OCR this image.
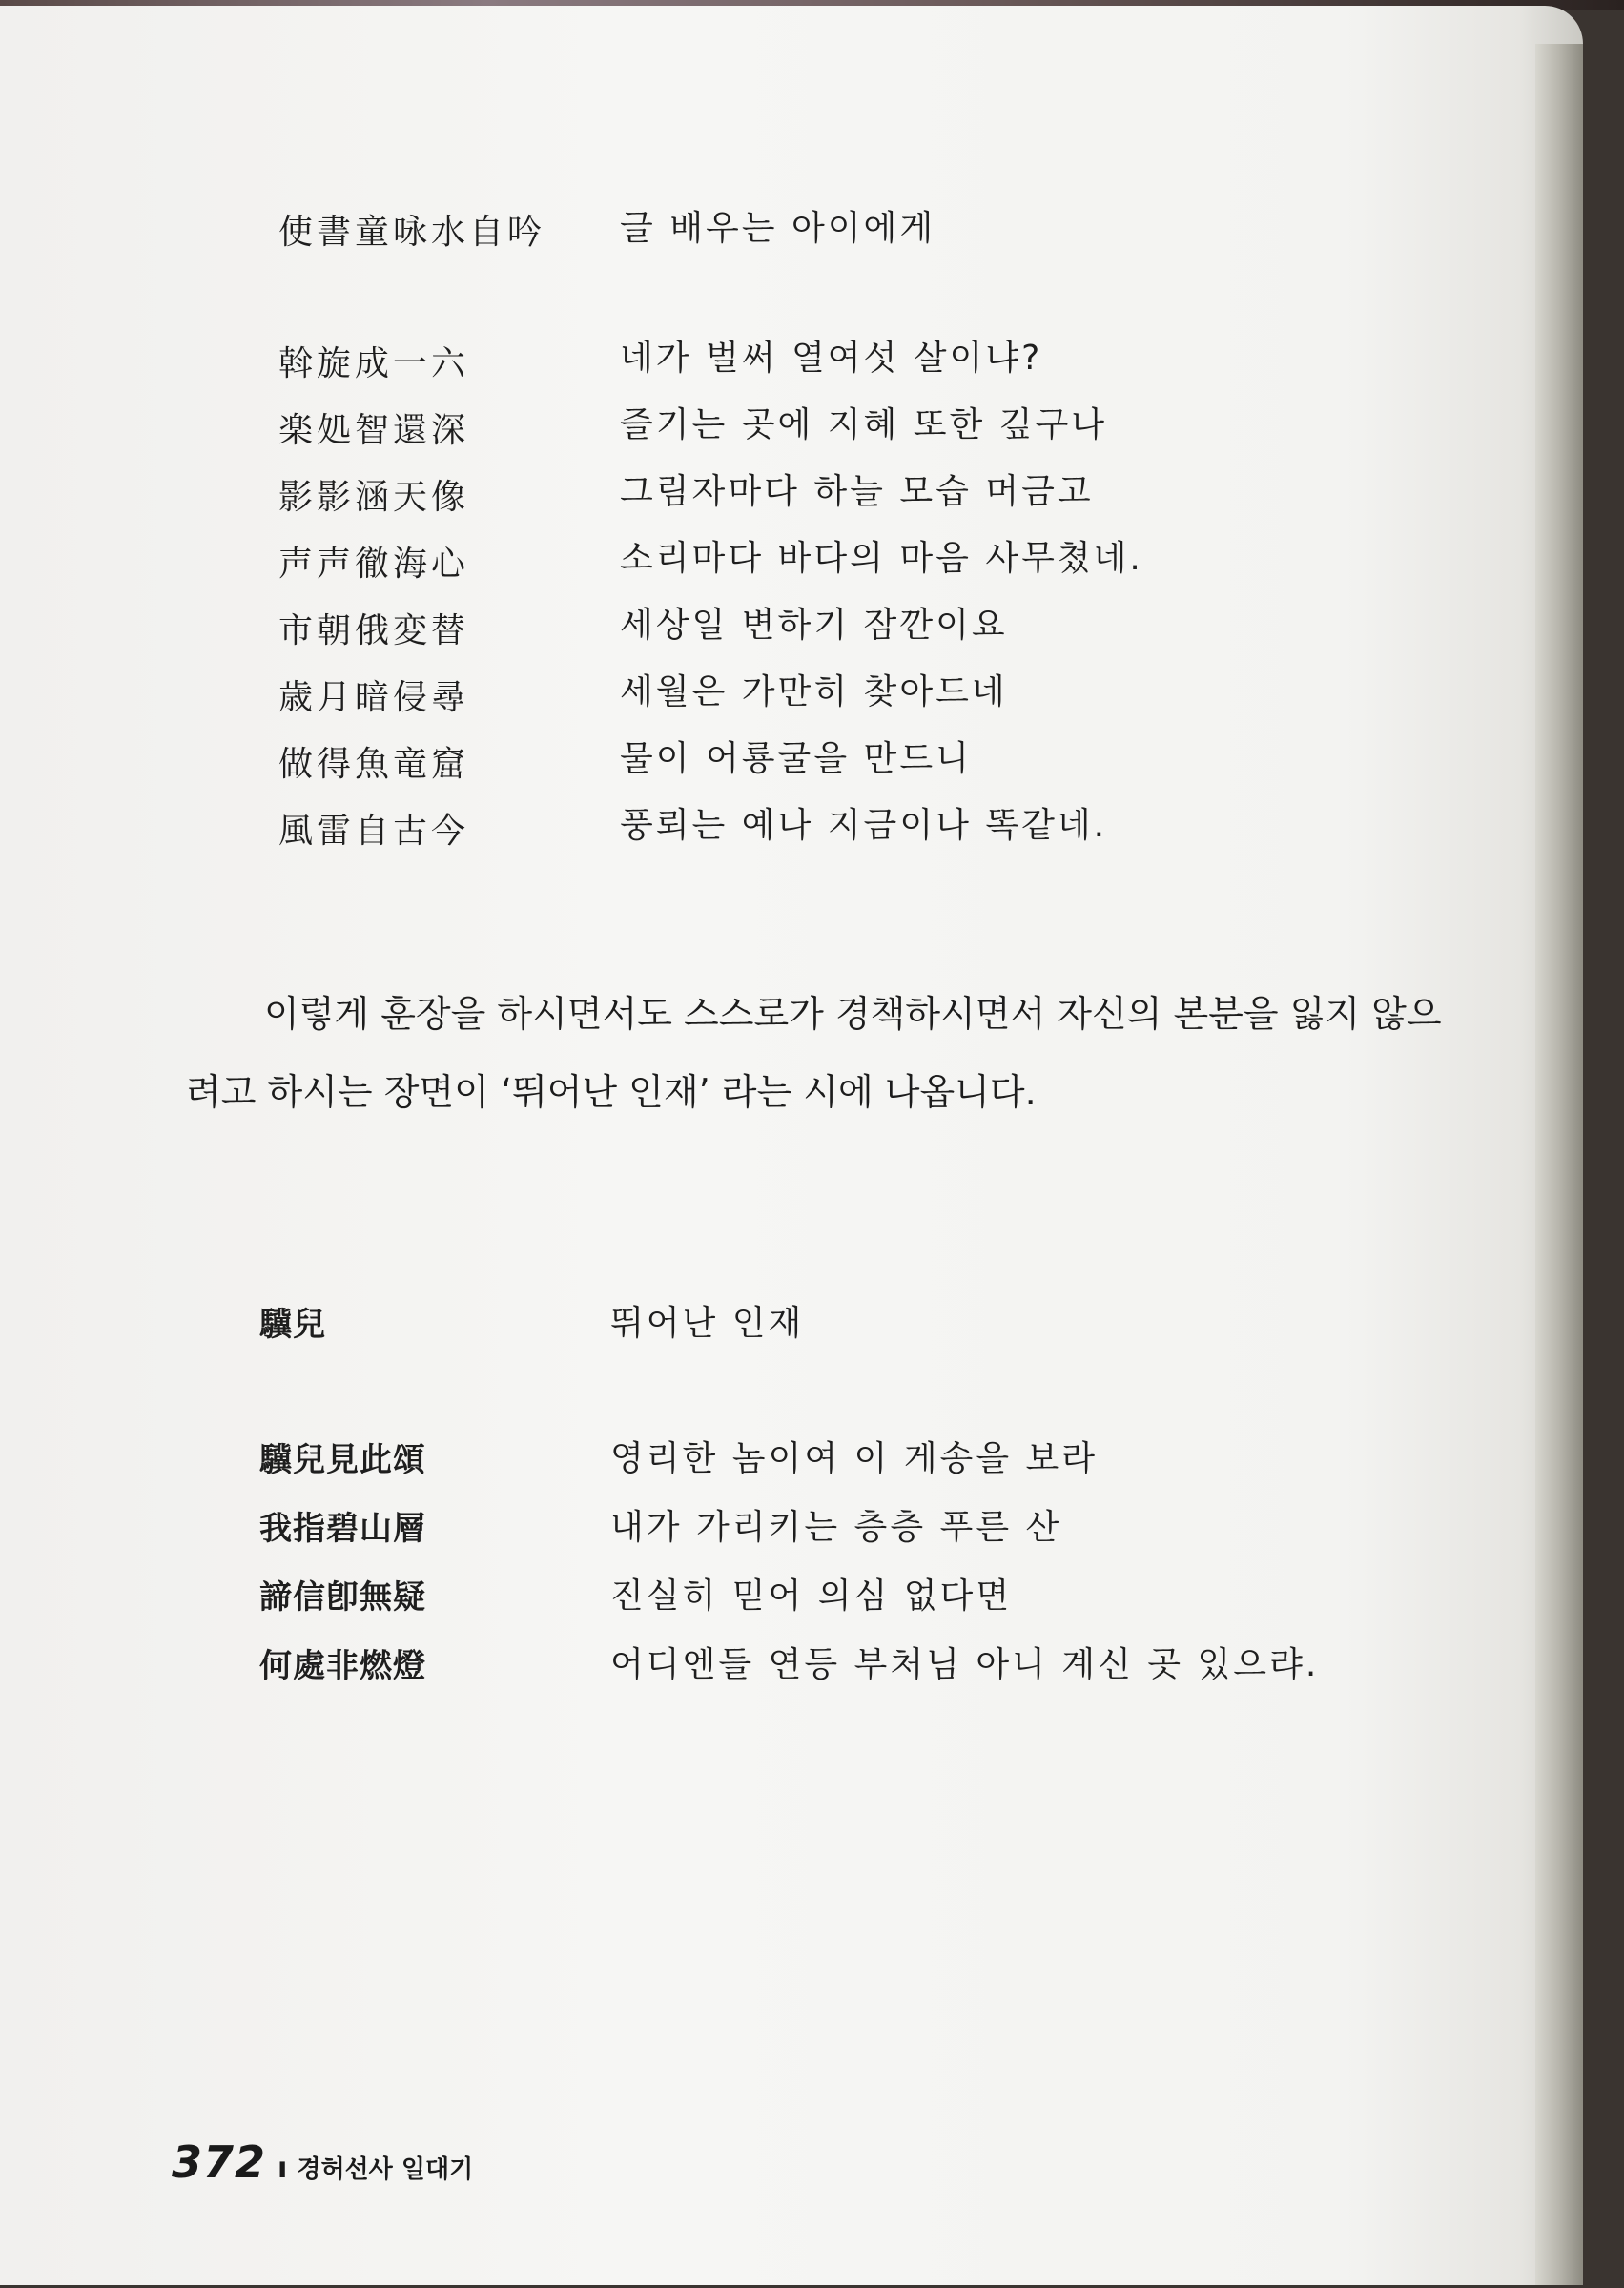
使書童咏水自吟 글 배우는 아이에게
斡旋成一六	네가 벌써 열여섯 살이냐?
楽処智還深	즐기는 곳에 지혜 또한 깊구나
影影涵天像	그림자마다 하늘 모습 머금고
声声徹海心	소리마다 바다의 마음 사무쳤네.
市朝俄変替	세상일 변하기 잠깐이요
歳月暗侵尋	세월은 가만히 찾아드네
做得魚竜窟	물이 어룡굴을 만드니
風雷自古今	풍뢰는 예나 지금이나 똑같네.

이렇게 훈장을 하시면서도 스스로가 경책하시면서 자신의 본분을 잃지 않으려고 하시는 장면이 ‘뛰어난 인재’ 라는 시에 나옵니다.

驥兒	뛰어난 인재
驥兒見此頌	영리한 놈이여 이 게송을 보라
我指碧山層	내가 가리키는 층층 푸른 산
諦信卽無疑	진실히 믿어 의심 없다면
何處非燃燈	어디엔들 연등 부처님 아니 계신 곳 있으랴.
372 ı 경허선사 일대기
